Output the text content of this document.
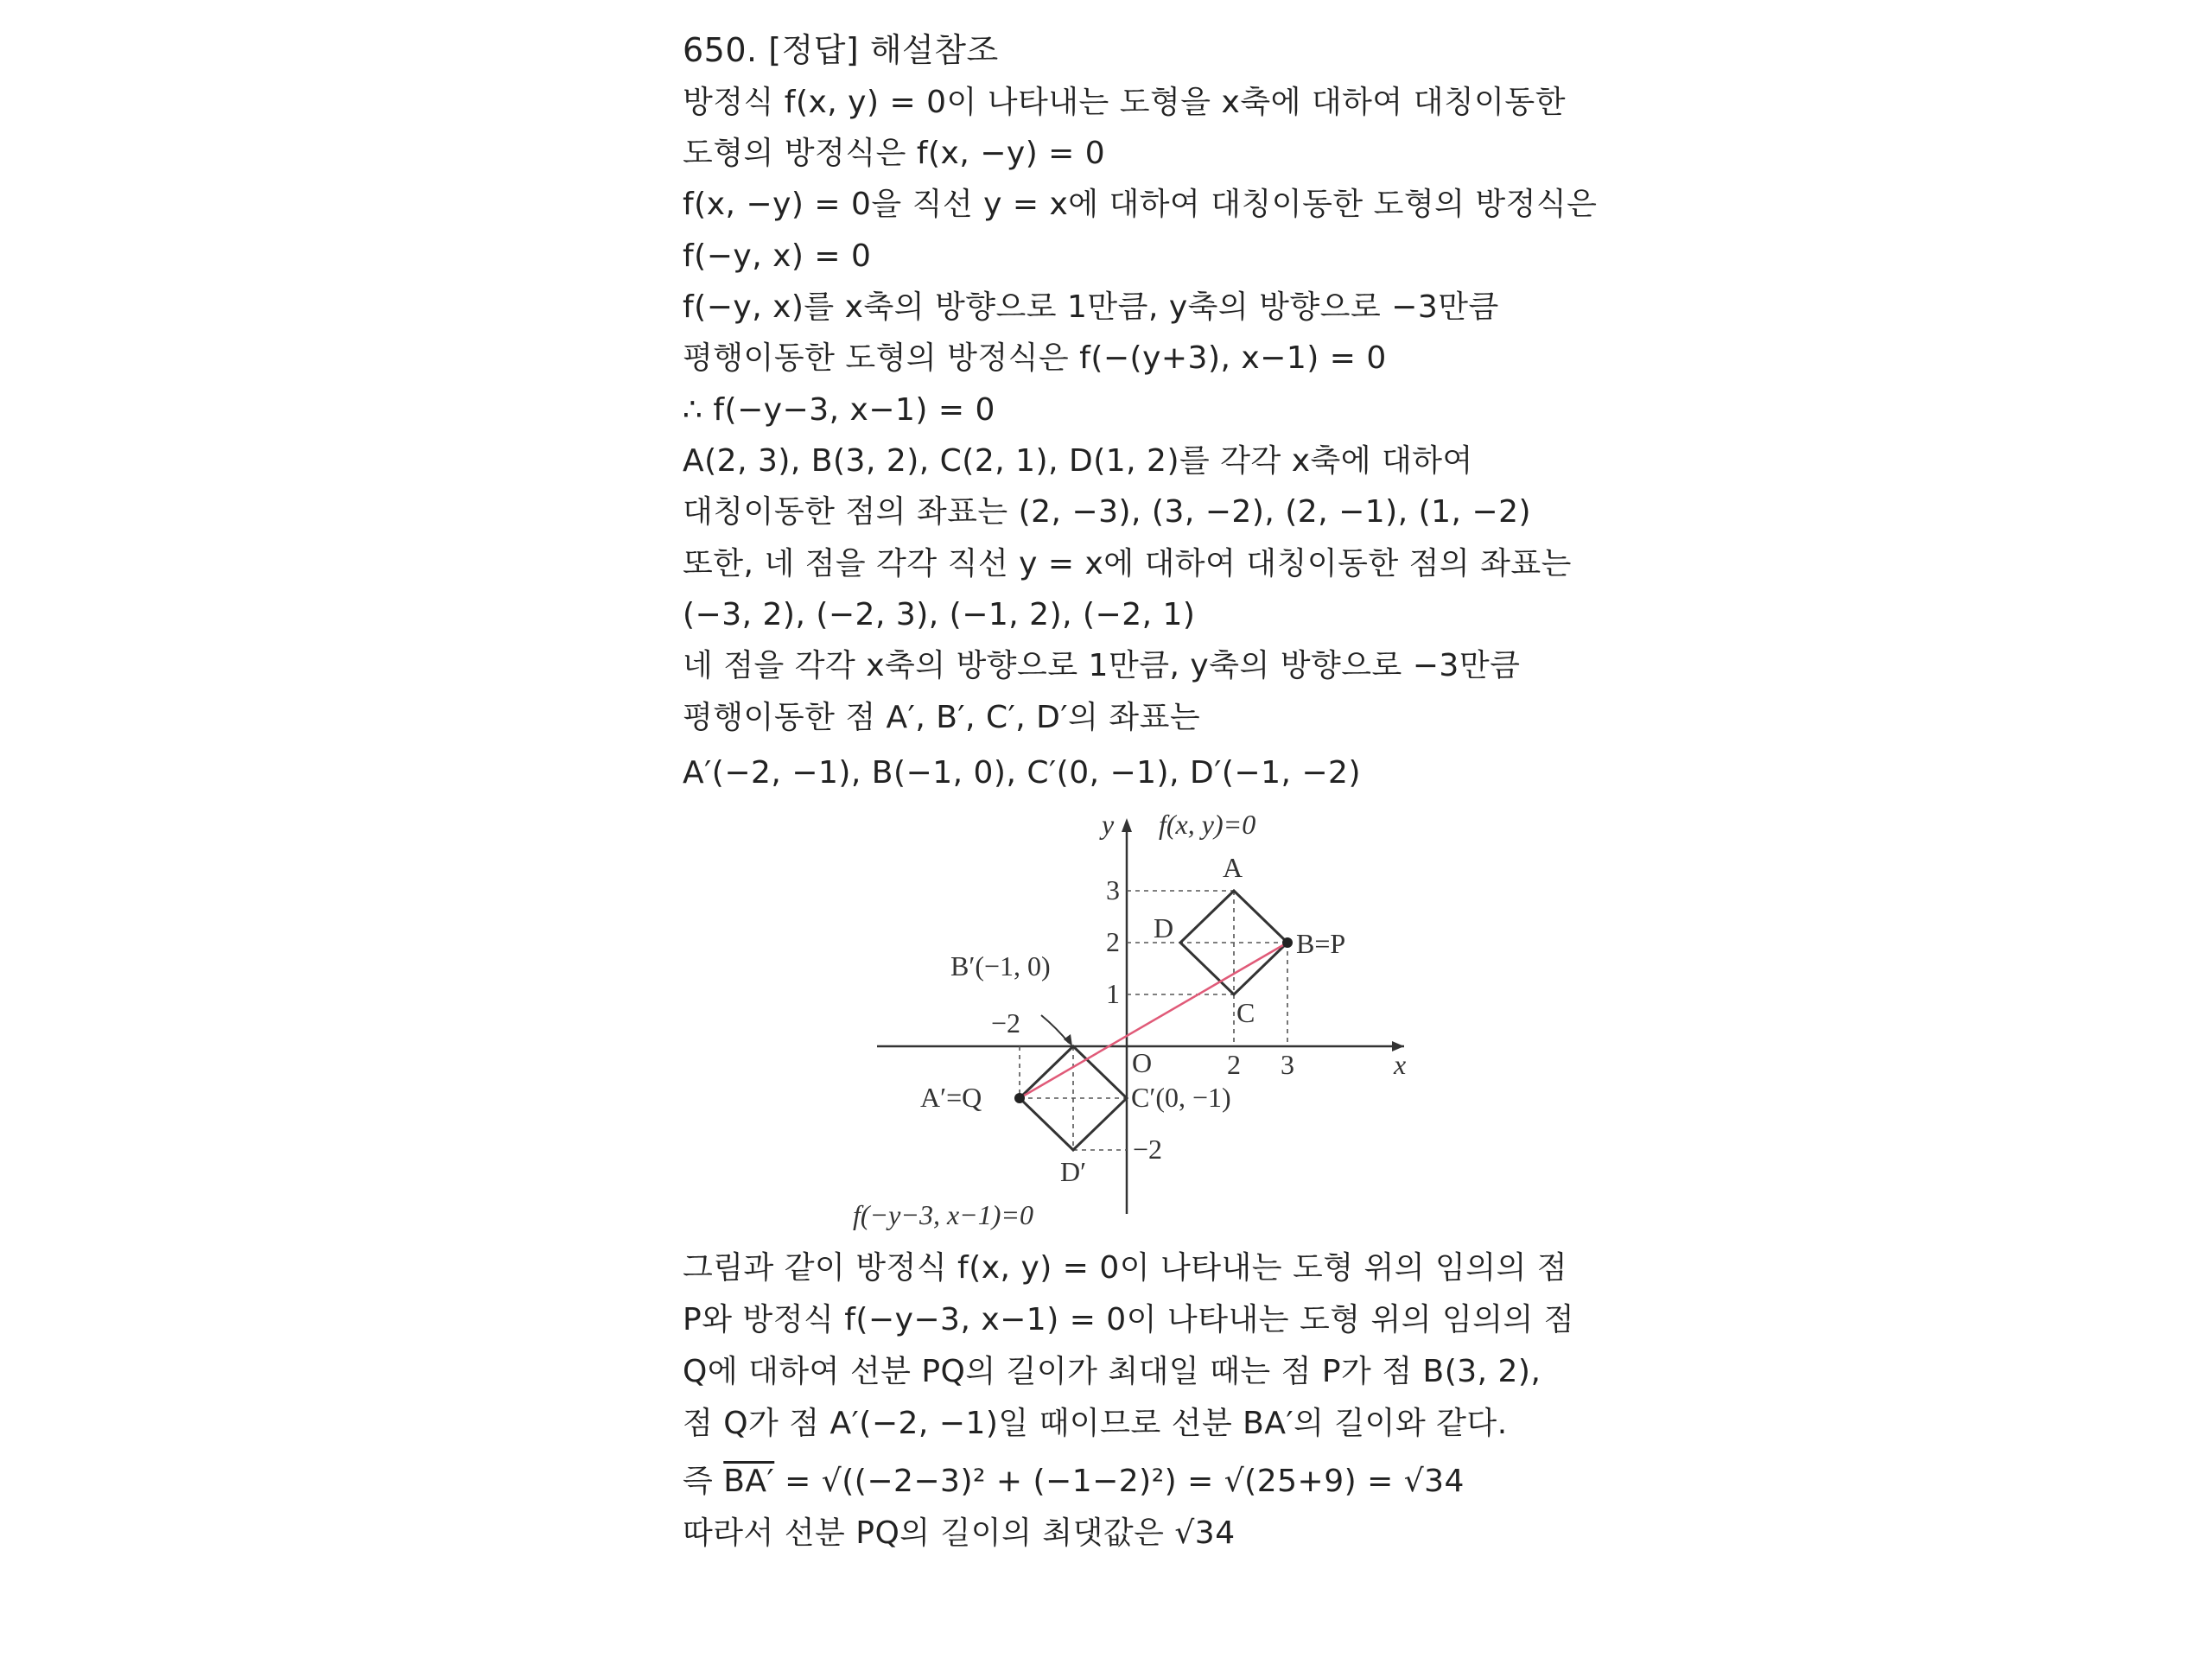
650. [정답] 해설참조
방정식 f(x, y) = 0이 나타내는 도형을 x축에 대하여 대칭이동한
도형의 방정식은 f(x, −y) = 0
f(x, −y) = 0을 직선 y = x에 대하여 대칭이동한 도형의 방정식은
f(−y, x) = 0
f(−y, x)를 x축의 방향으로 1만큼, y축의 방향으로 −3만큼
평행이동한 도형의 방정식은 f(−(y+3), x−1) = 0
∴ f(−y−3, x−1) = 0
A(2, 3), B(3, 2), C(2, 1), D(1, 2)를 각각 x축에 대하여
대칭이동한 점의 좌표는 (2, −3), (3, −2), (2, −1), (1, −2)
또한, 네 점을 각각 직선 y = x에 대하여 대칭이동한 점의 좌표는
(−3, 2), (−2, 3), (−1, 2), (−2, 1)
네 점을 각각 x축의 방향으로 1만큼, y축의 방향으로 −3만큼
평행이동한 점 A′, B′, C′, D′의 좌표는
A′(−2, −1), B(−1, 0), C′(0, −1), D′(−1, −2)
y
x
O
f(x, y)=0
f(−y−3, x−1)=0
A
B=P
C
D
B′(−1, 0)
A′=Q	C′(0, −1)
D′
2 3
−2
1
2
3
−2
그림과 같이 방정식 f(x, y) = 0이 나타내는 도형 위의 임의의 점
P와 방정식 f(−y−3, x−1) = 0이 나타내는 도형 위의 임의의 점
Q에 대하여 선분 PQ의 길이가 최대일 때는 점 P가 점 B(3, 2),
점 Q가 점 A′(−2, −1)일 때이므로 선분 BA′의 길이와 같다.
즉 BA′ = √((−2−3)² + (−1−2)²) = √(25+9) = √34
따라서 선분 PQ의 길이의 최댓값은 √34
